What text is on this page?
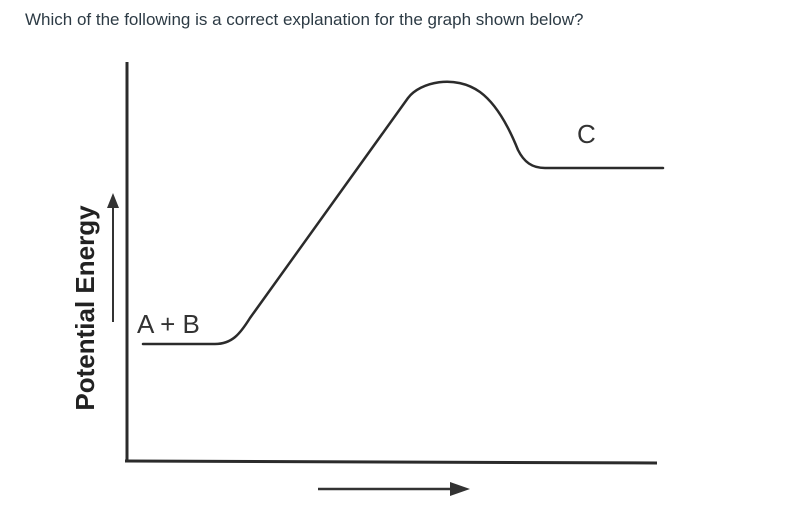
Which of the following is a correct explanation for the graph shown below?
Potential Energy A + B
C
